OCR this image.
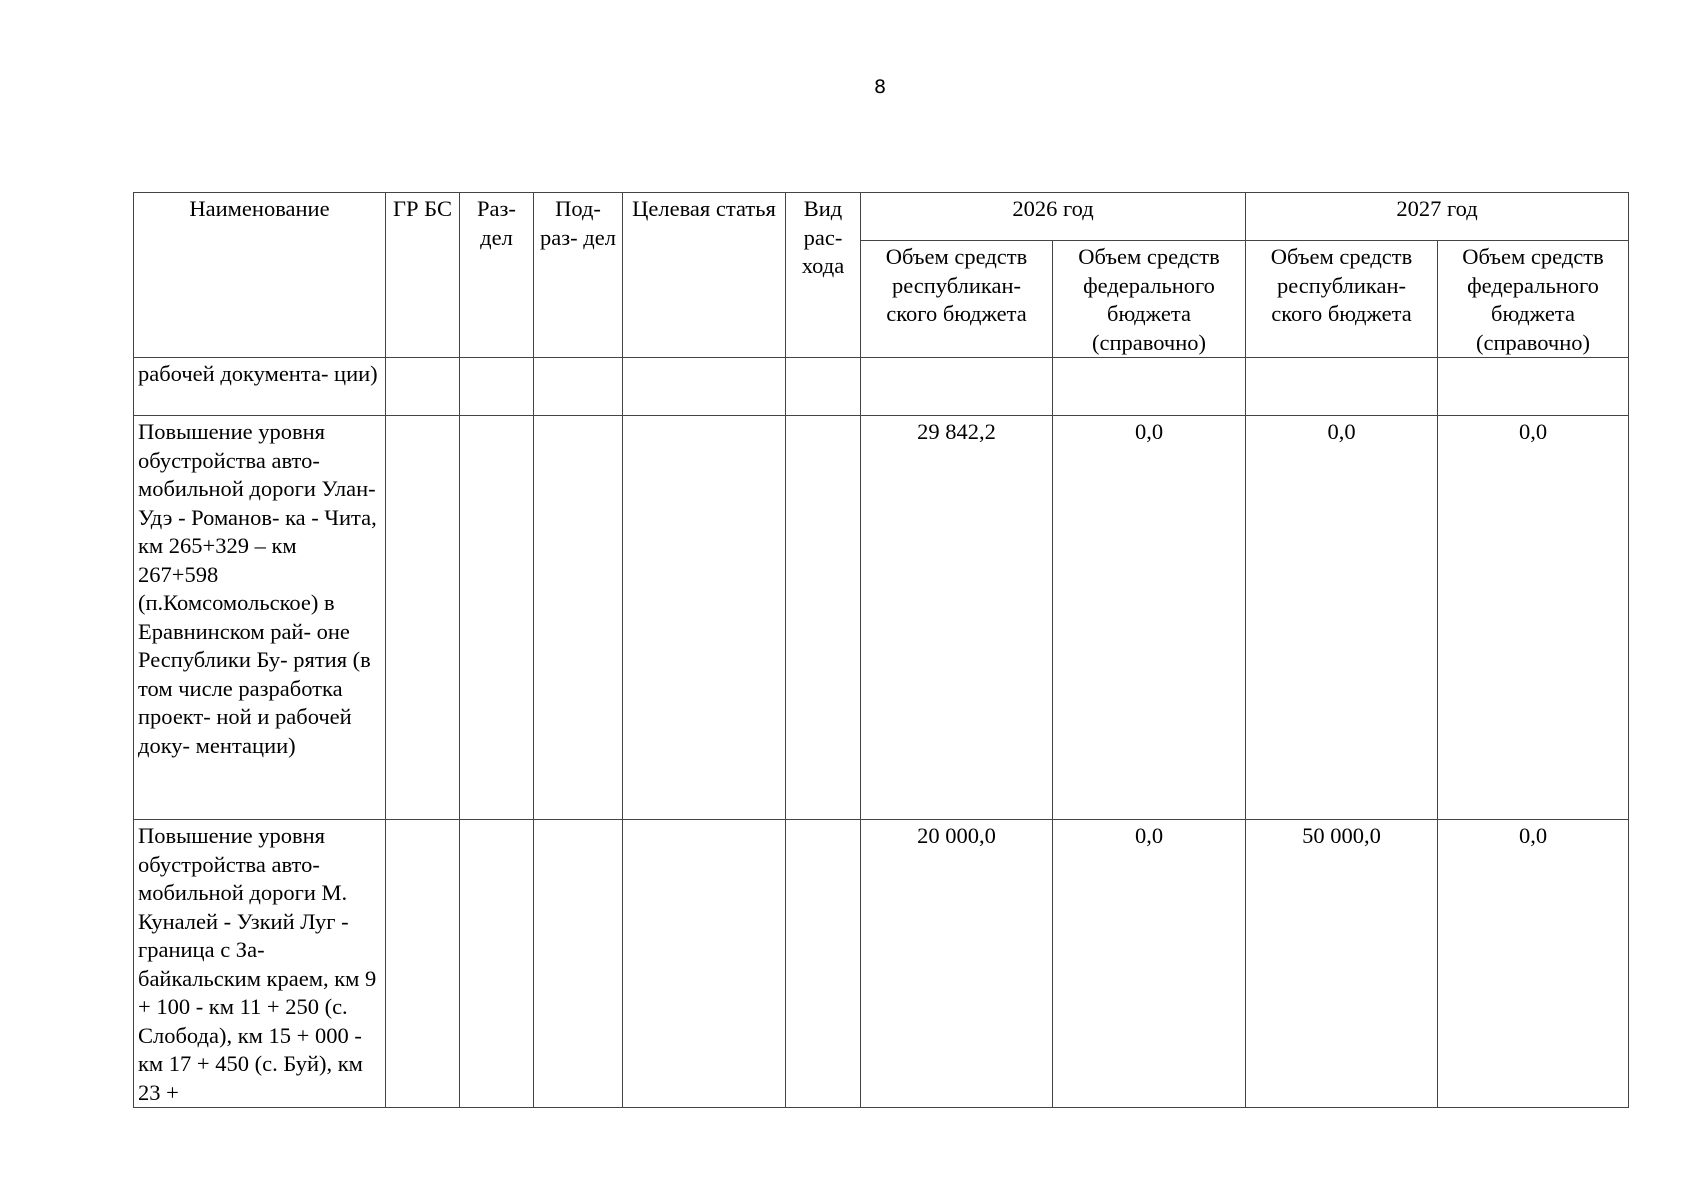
8
Наименование	ГР БС	Раз- дел	Под- раз- дел	Целевая статья	Вид рас- хода	2026 год		2027 год	
						Объем средств республикан- ского бюджета	Объем средств федерального бюджета (справочно)	Объем средств республикан- ского бюджета	Объем средств федерального бюджета (справочно)
рабочей документа- ции)									
Повышение уровня обустройства авто- мобильной дороги Улан-Удэ - Романов- ка - Чита, км 265+329 – км 267+598 (п.Комсомольское) в Еравнинском рай- оне Республики Бу- рятия (в том числе разработка проект- ной и рабочей доку- ментации)						29 842,2	0,0	0,0	0,0
Повышение уровня обустройства авто- мобильной дороги М. Куналей - Узкий Луг - граница с За- байкальским краем, км 9 + 100 - км 11 + 250 (с. Слобода), км 15 + 000 - км 17 + 450 (с. Буй), км 23 +						20 000,0	0,0	50 000,0	0,0
